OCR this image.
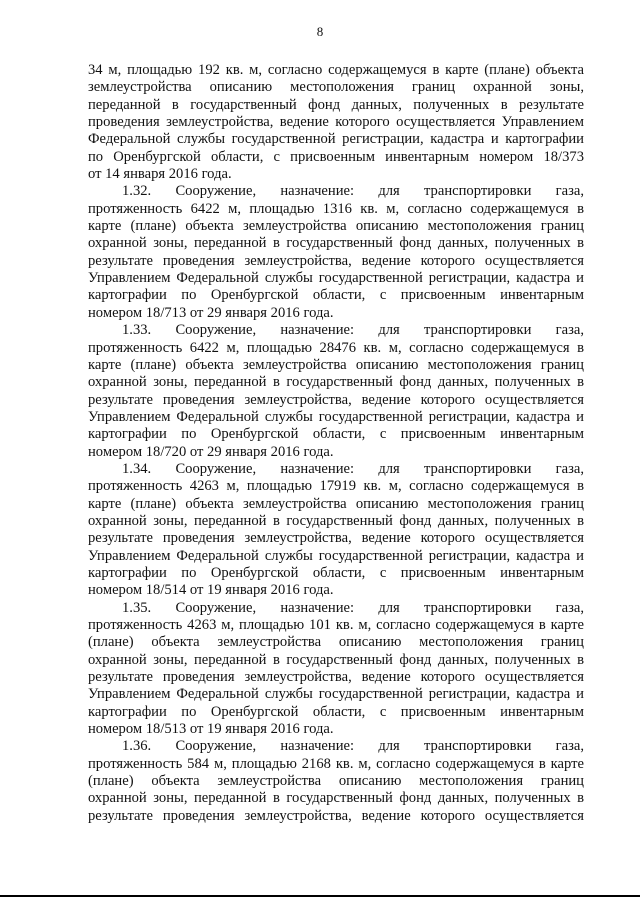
8
34 м, площадью 192 кв. м, согласно содержащемуся в карте (плане) объекта
землеустройства описанию местоположения границ охранной зоны,
переданной в государственный фонд данных, полученных в результате
проведения землеустройства, ведение которого осуществляется Управлением
Федеральной службы государственной регистрации, кадастра и картографии
по Оренбургской области, с присвоенным инвентарным номером 18/373
от 14 января 2016 года.
1.32. Сооружение, назначение: для транспортировки газа,
протяженность 6422 м, площадью 1316 кв. м, согласно содержащемуся в
карте (плане) объекта землеустройства описанию местоположения границ
охранной зоны, переданной в государственный фонд данных, полученных в
результате проведения землеустройства, ведение которого осуществляется
Управлением Федеральной службы государственной регистрации, кадастра и
картографии по Оренбургской области, с присвоенным инвентарным
номером 18/713 от 29 января 2016 года.
1.33. Сооружение, назначение: для транспортировки газа,
протяженность 6422 м, площадью 28476 кв. м, согласно содержащемуся в
карте (плане) объекта землеустройства описанию местоположения границ
охранной зоны, переданной в государственный фонд данных, полученных в
результате проведения землеустройства, ведение которого осуществляется
Управлением Федеральной службы государственной регистрации, кадастра и
картографии по Оренбургской области, с присвоенным инвентарным
номером 18/720 от 29 января 2016 года.
1.34. Сооружение, назначение: для транспортировки газа,
протяженность 4263 м, площадью 17919 кв. м, согласно содержащемуся в
карте (плане) объекта землеустройства описанию местоположения границ
охранной зоны, переданной в государственный фонд данных, полученных в
результате проведения землеустройства, ведение которого осуществляется
Управлением Федеральной службы государственной регистрации, кадастра и
картографии по Оренбургской области, с присвоенным инвентарным
номером 18/514 от 19 января 2016 года.
1.35. Сооружение, назначение: для транспортировки газа,
протяженность 4263 м, площадью 101 кв. м, согласно содержащемуся в карте
(плане) объекта землеустройства описанию местоположения границ
охранной зоны, переданной в государственный фонд данных, полученных в
результате проведения землеустройства, ведение которого осуществляется
Управлением Федеральной службы государственной регистрации, кадастра и
картографии по Оренбургской области, с присвоенным инвентарным
номером 18/513 от 19 января 2016 года.
1.36. Сооружение, назначение: для транспортировки газа,
протяженность 584 м, площадью 2168 кв. м, согласно содержащемуся в карте
(плане) объекта землеустройства описанию местоположения границ
охранной зоны, переданной в государственный фонд данных, полученных в
результате проведения землеустройства, ведение которого осуществляется
